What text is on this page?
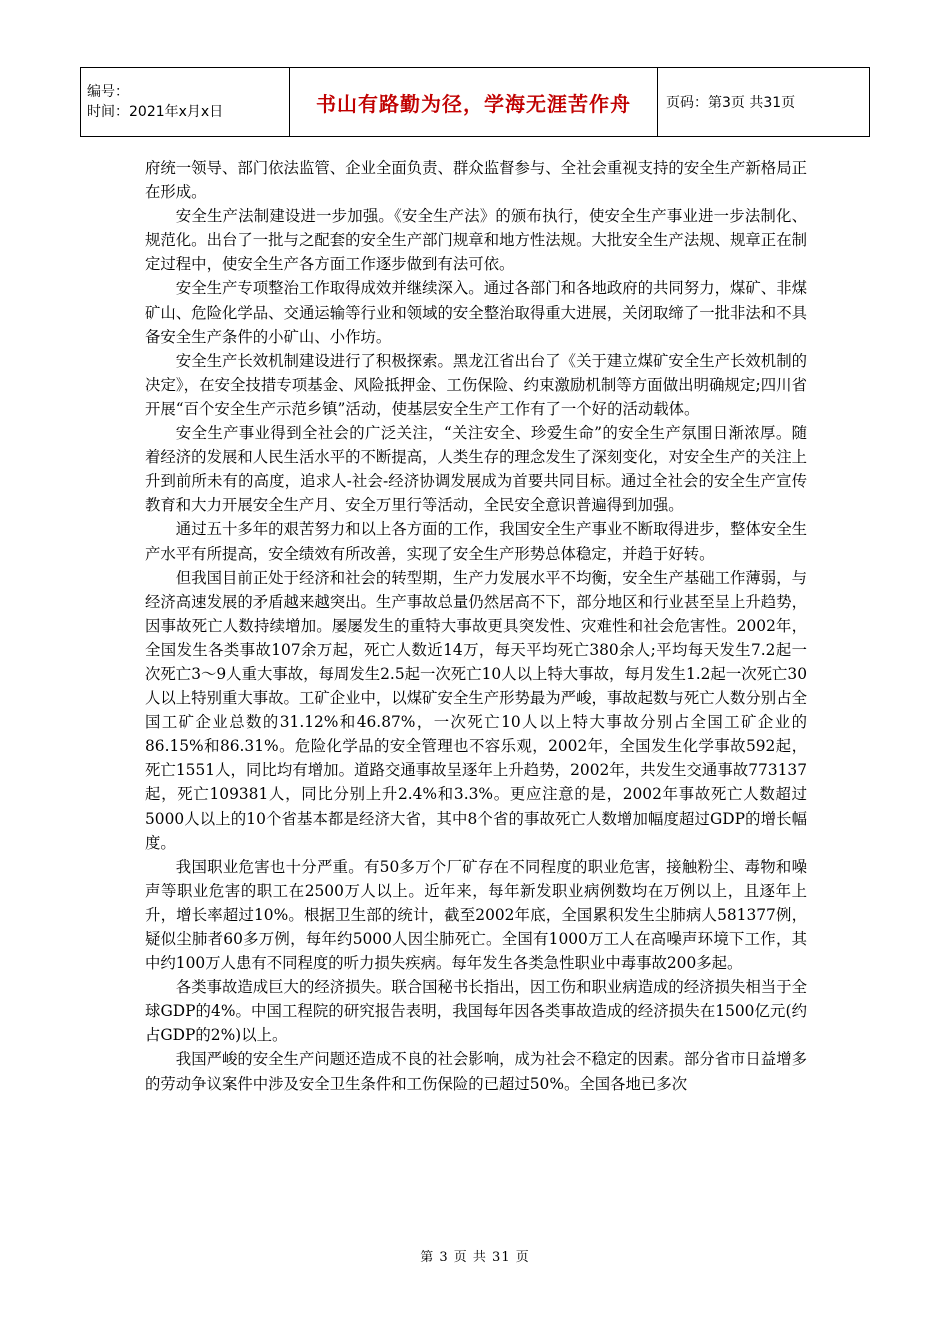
编号：
时间：2021年x月x日	书山有路勤为径，学海无涯苦作舟	页码：第3页 共31页

府统一领导、部门依法监管、企业全面负责、群众监督参与、全社会重视支持的安全生产新格局正在形成。

安全生产法制建设进一步加强。《安全生产法》的颁布执行，使安全生产事业进一步法制化、规范化。出台了一批与之配套的安全生产部门规章和地方性法规。大批安全生产法规、规章正在制定过程中，使安全生产各方面工作逐步做到有法可依。

安全生产专项整治工作取得成效并继续深入。通过各部门和各地政府的共同努力，煤矿、非煤矿山、危险化学品、交通运输等行业和领域的安全整治取得重大进展，关闭取缔了一批非法和不具备安全生产条件的小矿山、小作坊。

安全生产长效机制建设进行了积极探索。黑龙江省出台了《关于建立煤矿安全生产长效机制的决定》，在安全技措专项基金、风险抵押金、工伤保险、约束激励机制等方面做出明确规定;四川省开展“百个安全生产示范乡镇”活动，使基层安全生产工作有了一个好的活动载体。

安全生产事业得到全社会的广泛关注，“关注安全、珍爱生命”的安全生产氛围日渐浓厚。随着经济的发展和人民生活水平的不断提高，人类生存的理念发生了深刻变化，对安全生产的关注上升到前所未有的高度，追求人-社会-经济协调发展成为首要共同目标。通过全社会的安全生产宣传教育和大力开展安全生产月、安全万里行等活动，全民安全意识普遍得到加强。

通过五十多年的艰苦努力和以上各方面的工作，我国安全生产事业不断取得进步，整体安全生产水平有所提高，安全绩效有所改善，实现了安全生产形势总体稳定，并趋于好转。

但我国目前正处于经济和社会的转型期，生产力发展水平不均衡，安全生产基础工作薄弱，与经济高速发展的矛盾越来越突出。生产事故总量仍然居高不下，部分地区和行业甚至呈上升趋势，因事故死亡人数持续增加。屡屡发生的重特大事故更具突发性、灾难性和社会危害性。2002年，全国发生各类事故107余万起，死亡人数近14万，每天平均死亡380余人;平均每天发生7.2起一次死亡3～9人重大事故，每周发生2.5起一次死亡10人以上特大事故，每月发生1.2起一次死亡30人以上特别重大事故。工矿企业中，以煤矿安全生产形势最为严峻，事故起数与死亡人数分别占全国工矿企业总数的31.12%和46.87%，一次死亡10人以上特大事故分别占全国工矿企业的86.15%和86.31%。危险化学品的安全管理也不容乐观，2002年，全国发生化学事故592起，死亡1551人，同比均有增加。道路交通事故呈逐年上升趋势，2002年，共发生交通事故773137起，死亡109381人，同比分别上升2.4%和3.3%。更应注意的是，2002年事故死亡人数超过5000人以上的10个省基本都是经济大省，其中8个省的事故死亡人数增加幅度超过GDP的增长幅度。

我国职业危害也十分严重。有50多万个厂矿存在不同程度的职业危害，接触粉尘、毒物和噪声等职业危害的职工在2500万人以上。近年来，每年新发职业病例数均在万例以上，且逐年上升，增长率超过10%。根据卫生部的统计，截至2002年底，全国累积发生尘肺病人581377例，疑似尘肺者60多万例，每年约5000人因尘肺死亡。全国有1000万工人在高噪声环境下工作，其中约100万人患有不同程度的听力损失疾病。每年发生各类急性职业中毒事故200多起。

各类事故造成巨大的经济损失。联合国秘书长指出，因工伤和职业病造成的经济损失相当于全球GDP的4%。中国工程院的研究报告表明，我国每年因各类事故造成的经济损失在1500亿元(约占GDP的2%)以上。

我国严峻的安全生产问题还造成不良的社会影响，成为社会不稳定的因素。部分省市日益增多的劳动争议案件中涉及安全卫生条件和工伤保险的已超过50%。全国各地已多次

第 3 页 共 31 页
